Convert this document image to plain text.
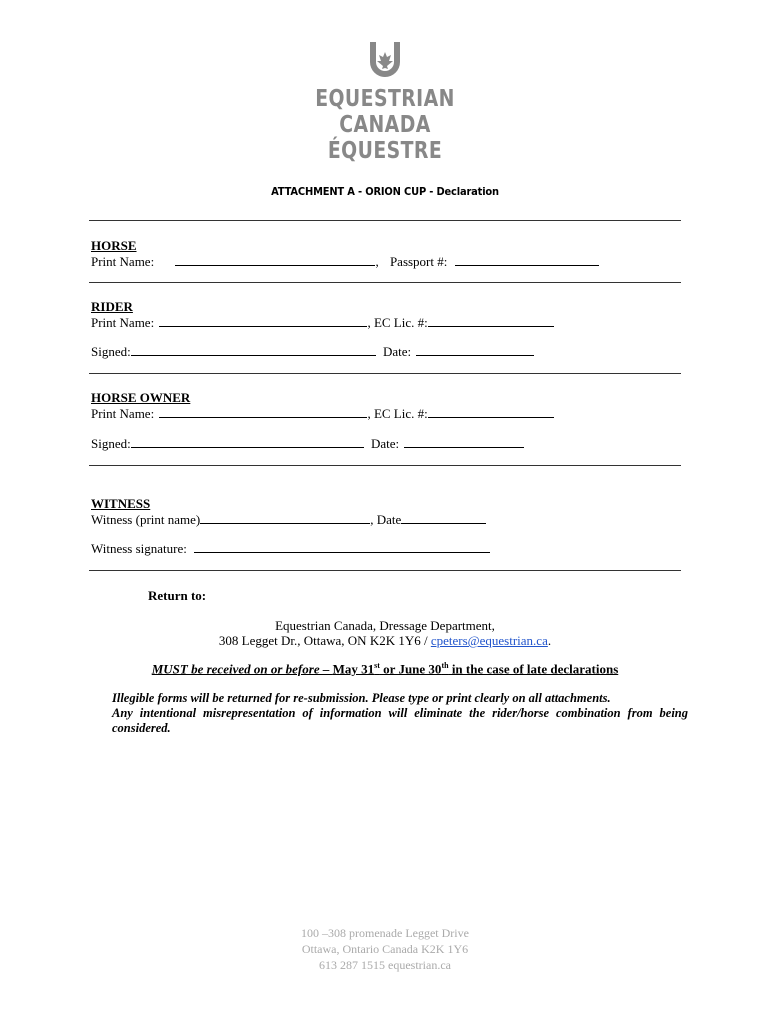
EQUESTRIAN
CANADA
ÉQUESTRE
ATTACHMENT A - ORION CUP - Declaration
HORSE
Print Name:	, Passport #:
RIDER
Print Name:	, EC Lic. #:
Signed:	Date:
HORSE OWNER
Print Name:	, EC Lic. #:
Signed:	Date:
WITNESS
Witness (print name)	, Date
Witness signature:
Return to:
Equestrian Canada, Dressage Department,
308 Legget Dr., Ottawa, ON K2K 1Y6 / cpeters@equestrian.ca.
MUST be received on or before – May 31st or June 30th in the case of late declarations
Illegible forms will be returned for re-submission. Please type or print clearly on all attachments.
Any intentional misrepresentation of information will eliminate the rider/horse combination from being considered.
100 –308 promenade Legget Drive
Ottawa, Ontario Canada K2K 1Y6
613 287 1515 equestrian.ca
